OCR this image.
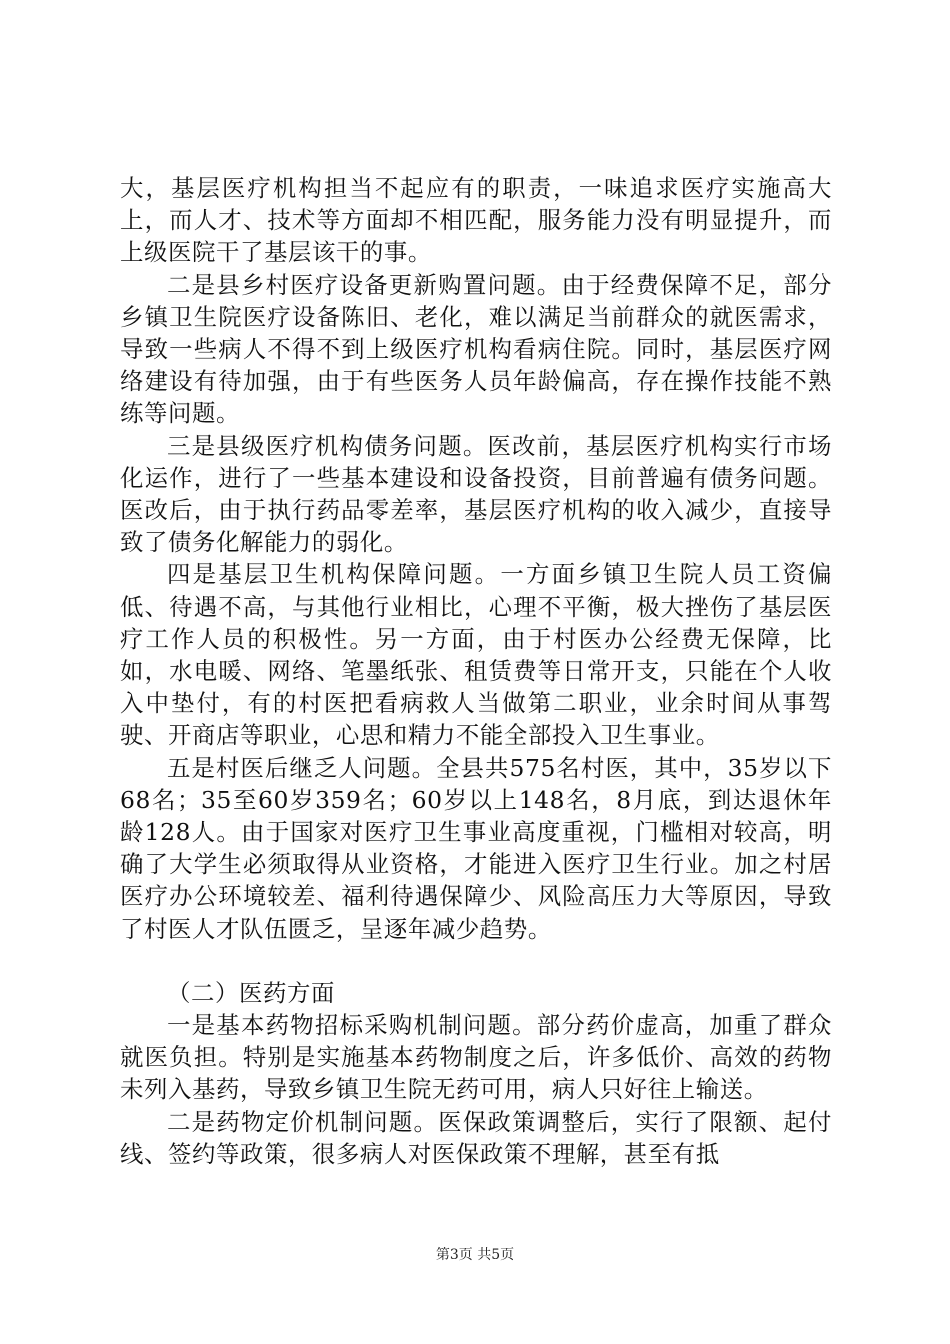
大，基层医疗机构担当不起应有的职责，一味追求医疗实施高大上，而人才、技术等方面却不相匹配，服务能力没有明显提升，而上级医院干了基层该干的事。

二是县乡村医疗设备更新购置问题。由于经费保障不足，部分乡镇卫生院医疗设备陈旧、老化，难以满足当前群众的就医需求，导致一些病人不得不到上级医疗机构看病住院。同时，基层医疗网络建设有待加强，由于有些医务人员年龄偏高，存在操作技能不熟练等问题。

三是县级医疗机构债务问题。医改前，基层医疗机构实行市场化运作，进行了一些基本建设和设备投资，目前普遍有债务问题。医改后，由于执行药品零差率，基层医疗机构的收入减少，直接导致了债务化解能力的弱化。

四是基层卫生机构保障问题。一方面乡镇卫生院人员工资偏低、待遇不高，与其他行业相比，心理不平衡，极大挫伤了基层医疗工作人员的积极性。另一方面，由于村医办公经费无保障，比如，水电暖、网络、笔墨纸张、租赁费等日常开支，只能在个人收入中垫付，有的村医把看病救人当做第二职业，业余时间从事驾驶、开商店等职业，心思和精力不能全部投入卫生事业。

五是村医后继乏人问题。全县共575名村医，其中，35岁以下68名；35至60岁359名；60岁以上148名，8月底，到达退休年龄128人。由于国家对医疗卫生事业高度重视，门槛相对较高，明确了大学生必须取得从业资格，才能进入医疗卫生行业。加之村居医疗办公环境较差、福利待遇保障少、风险高压力大等原因，导致了村医人才队伍匮乏，呈逐年减少趋势。

（二）医药方面

一是基本药物招标采购机制问题。部分药价虚高，加重了群众就医负担。特别是实施基本药物制度之后，许多低价、高效的药物未列入基药，导致乡镇卫生院无药可用，病人只好往上输送。

二是药物定价机制问题。医保政策调整后，实行了限额、起付线、签约等政策，很多病人对医保政策不理解，甚至有抵

第3页 共5页
